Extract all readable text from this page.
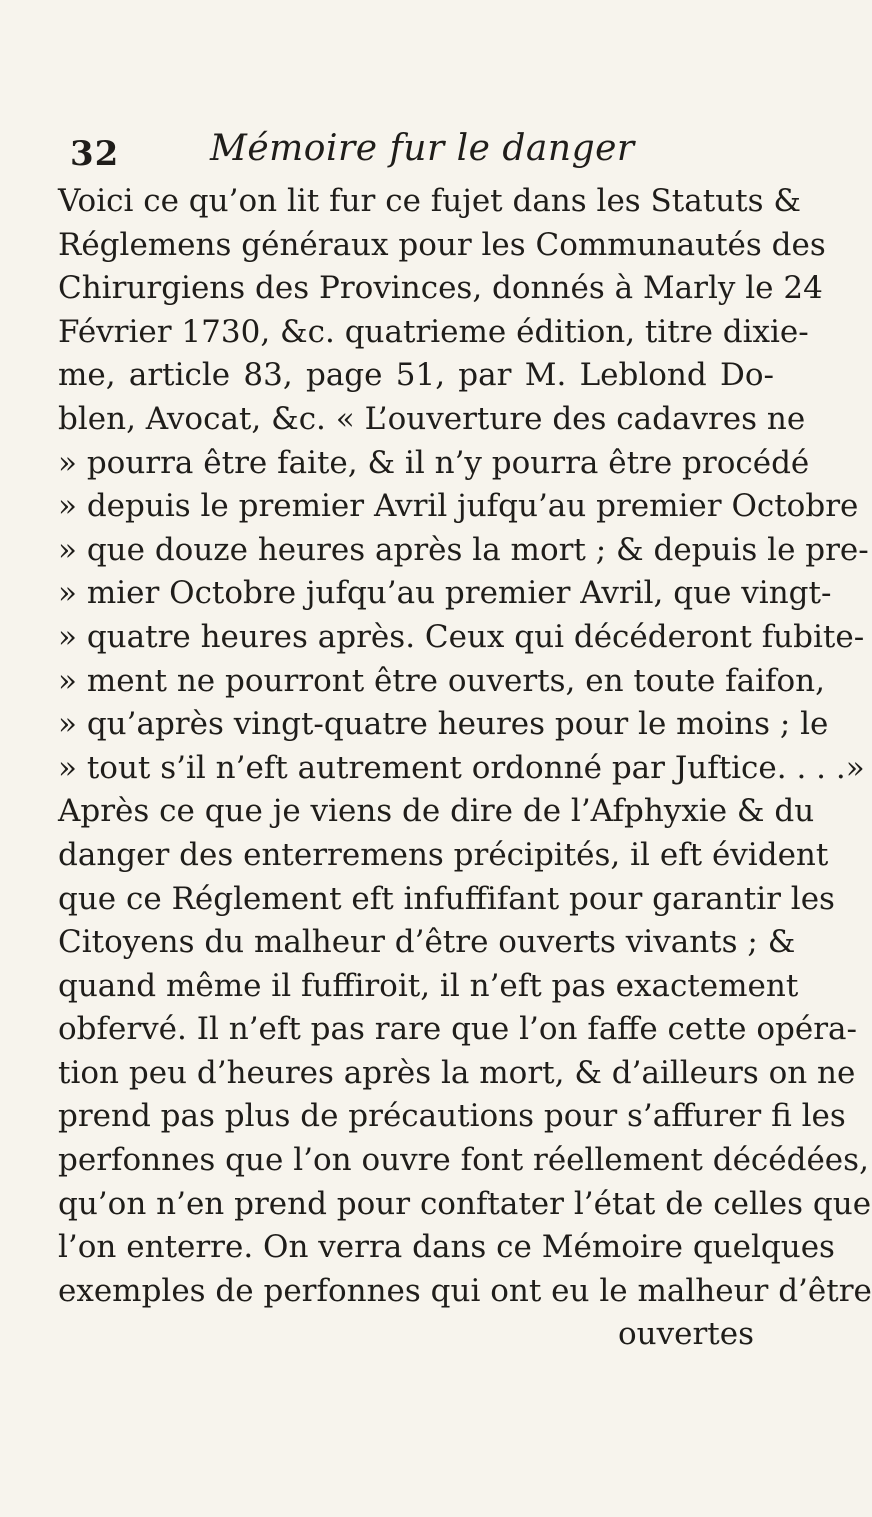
32	Mémoire fur le danger
Voici ce qu’on lit fur ce fujet dans les Statuts &
Réglemens généraux pour les Communautés des
Chirurgiens des Provinces, donnés à Marly le 24
Février 1730, &c. quatrieme édition, titre dixie-
me, article 83, page 51, par M. Leblond Do-
blen, Avocat, &c. « L’ouverture des cadavres ne
» pourra être faite, & il n’y pourra être procédé
» depuis le premier Avril jufqu’au premier Octobre
» que douze heures après la mort ; & depuis le pre-
» mier Octobre jufqu’au premier Avril, que vingt-
» quatre heures après. Ceux qui décéderont fubite-
» ment ne pourront être ouverts, en toute faifon,
» qu’après vingt-quatre heures pour le moins ; le
» tout s’il n’eft autrement ordonné par Juftice. . . .»
Après ce que je viens de dire de l’Afphyxie & du
danger des enterremens précipités, il eft évident
que ce Réglement eft infuffifant pour garantir les
Citoyens du malheur d’être ouverts vivants ; &
quand même il fuffiroit, il n’eft pas exactement
obfervé. Il n’eft pas rare que l’on faffe cette opéra-
tion peu d’heures après la mort, & d’ailleurs on ne
prend pas plus de précautions pour s’affurer fi les
perfonnes que l’on ouvre font réellement décédées,
qu’on n’en prend pour conftater l’état de celles que
l’on enterre. On verra dans ce Mémoire quelques
exemples de perfonnes qui ont eu le malheur d’être
ouvertes
